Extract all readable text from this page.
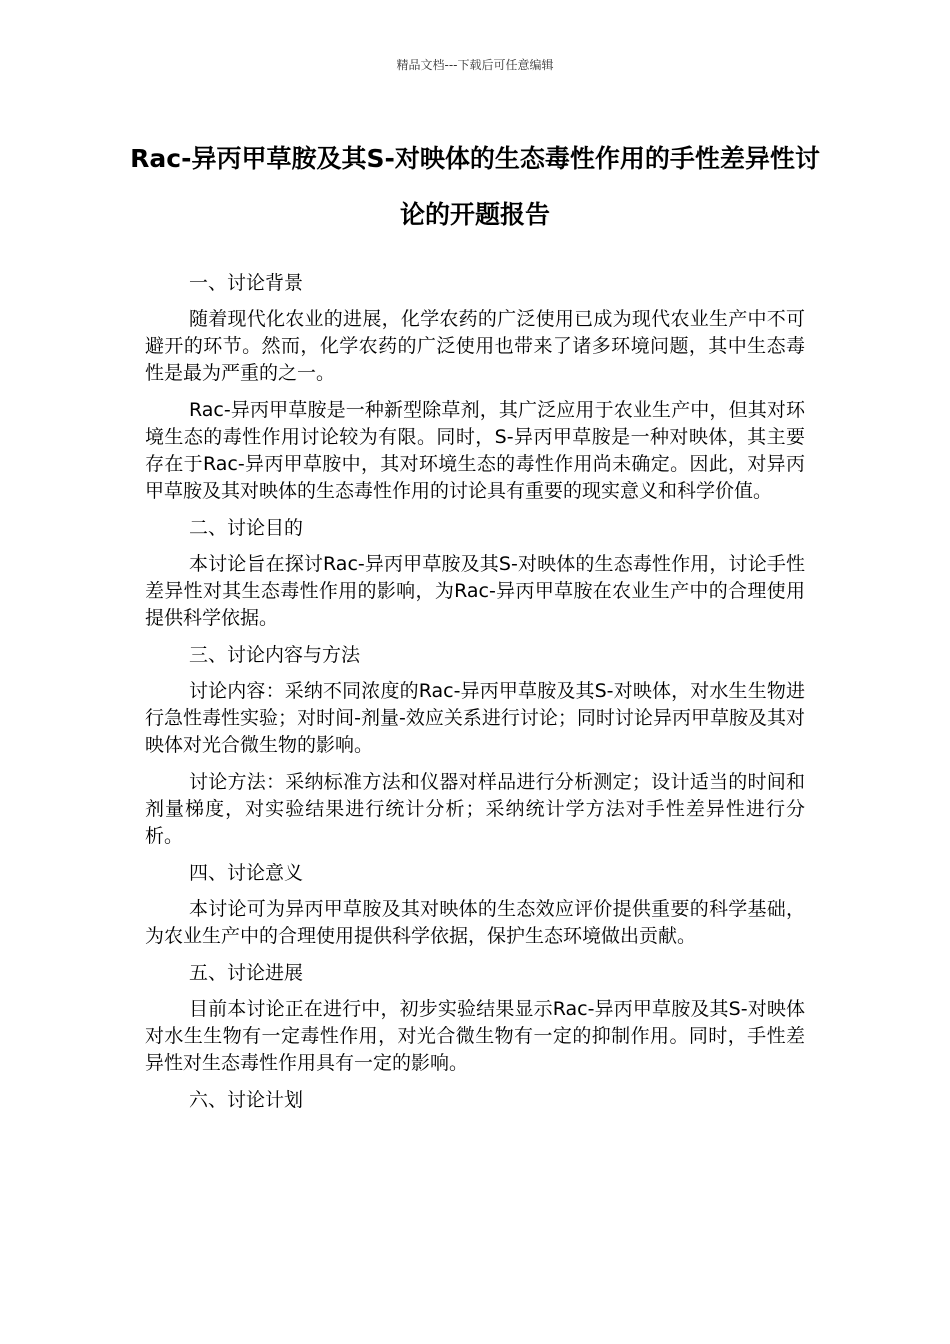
精品文档---下载后可任意编辑
Rac-异丙甲草胺及其S-对映体的生态毒性作用的手性差异性讨论的开题报告
一、讨论背景

随着现代化农业的进展，化学农药的广泛使用已成为现代农业生产中不可避开的环节。然而，化学农药的广泛使用也带来了诸多环境问题，其中生态毒性是最为严重的之一。

Rac-异丙甲草胺是一种新型除草剂，其广泛应用于农业生产中，但其对环境生态的毒性作用讨论较为有限。同时，S-异丙甲草胺是一种对映体，其主要存在于Rac-异丙甲草胺中，其对环境生态的毒性作用尚未确定。因此，对异丙甲草胺及其对映体的生态毒性作用的讨论具有重要的现实意义和科学价值。

二、讨论目的

本讨论旨在探讨Rac-异丙甲草胺及其S-对映体的生态毒性作用，讨论手性差异性对其生态毒性作用的影响，为Rac-异丙甲草胺在农业生产中的合理使用提供科学依据。

三、讨论内容与方法

讨论内容：采纳不同浓度的Rac-异丙甲草胺及其S-对映体，对水生生物进行急性毒性实验；对时间-剂量-效应关系进行讨论；同时讨论异丙甲草胺及其对映体对光合微生物的影响。

讨论方法：采纳标准方法和仪器对样品进行分析测定；设计适当的时间和剂量梯度，对实验结果进行统计分析；采纳统计学方法对手性差异性进行分析。

四、讨论意义

本讨论可为异丙甲草胺及其对映体的生态效应评价提供重要的科学基础，为农业生产中的合理使用提供科学依据，保护生态环境做出贡献。

五、讨论进展

目前本讨论正在进行中，初步实验结果显示Rac-异丙甲草胺及其S-对映体对水生生物有一定毒性作用，对光合微生物有一定的抑制作用。同时，手性差异性对生态毒性作用具有一定的影响。

六、讨论计划
